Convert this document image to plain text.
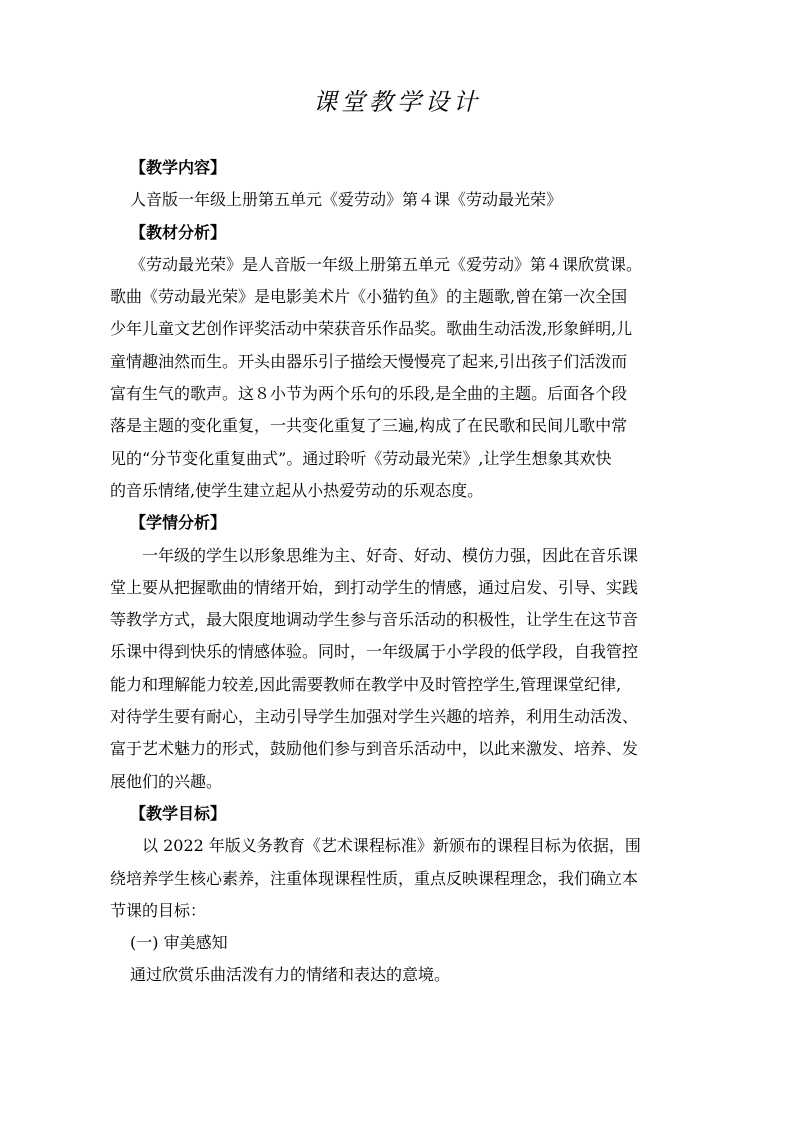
课堂教学设计

【教学内容】

人音版一年级上册第五单元《爱劳动》第４课《劳动最光荣》

【教材分析】

《劳动最光荣》是人音版一年级上册第五单元《爱劳动》第４课欣赏课。

歌曲《劳动最光荣》是电影美术片《小猫钓鱼》的主题歌,曾在第一次全国

少年儿童文艺创作评奖活动中荣获音乐作品奖。歌曲生动活泼,形象鲜明,儿

童情趣油然而生。开头由器乐引子描绘天慢慢亮了起来,引出孩子们活泼而

富有生气的歌声。这８小节为两个乐句的乐段,是全曲的主题。后面各个段

落是主题的变化重复，一共变化重复了三遍,构成了在民歌和民间儿歌中常

见的“分节变化重复曲式”。通过聆听《劳动最光荣》,让学生想象其欢快

的音乐情绪,使学生建立起从小热爱劳动的乐观态度。

【学情分析】

一年级的学生以形象思维为主、好奇、好动、模仿力强，因此在音乐课

堂上要从把握歌曲的情绪开始，到打动学生的情感，通过启发、引导、实践

等教学方式，最大限度地调动学生参与音乐活动的积极性，让学生在这节音

乐课中得到快乐的情感体验。同时，一年级属于小学段的低学段，自我管控

能力和理解能力较差,因此需要教师在教学中及时管控学生,管理课堂纪律,

对待学生要有耐心，主动引导学生加强对学生兴趣的培养，利用生动活泼、

富于艺术魅力的形式，鼓励他们参与到音乐活动中，以此来激发、培养、发

展他们的兴趣。

【教学目标】

以 2022 年版义务教育《艺术课程标准》新颁布的课程目标为依据，围

绕培养学生核心素养，注重体现课程性质，重点反映课程理念，我们确立本

节课的目标：

(一) 审美感知

通过欣赏乐曲活泼有力的情绪和表达的意境。
